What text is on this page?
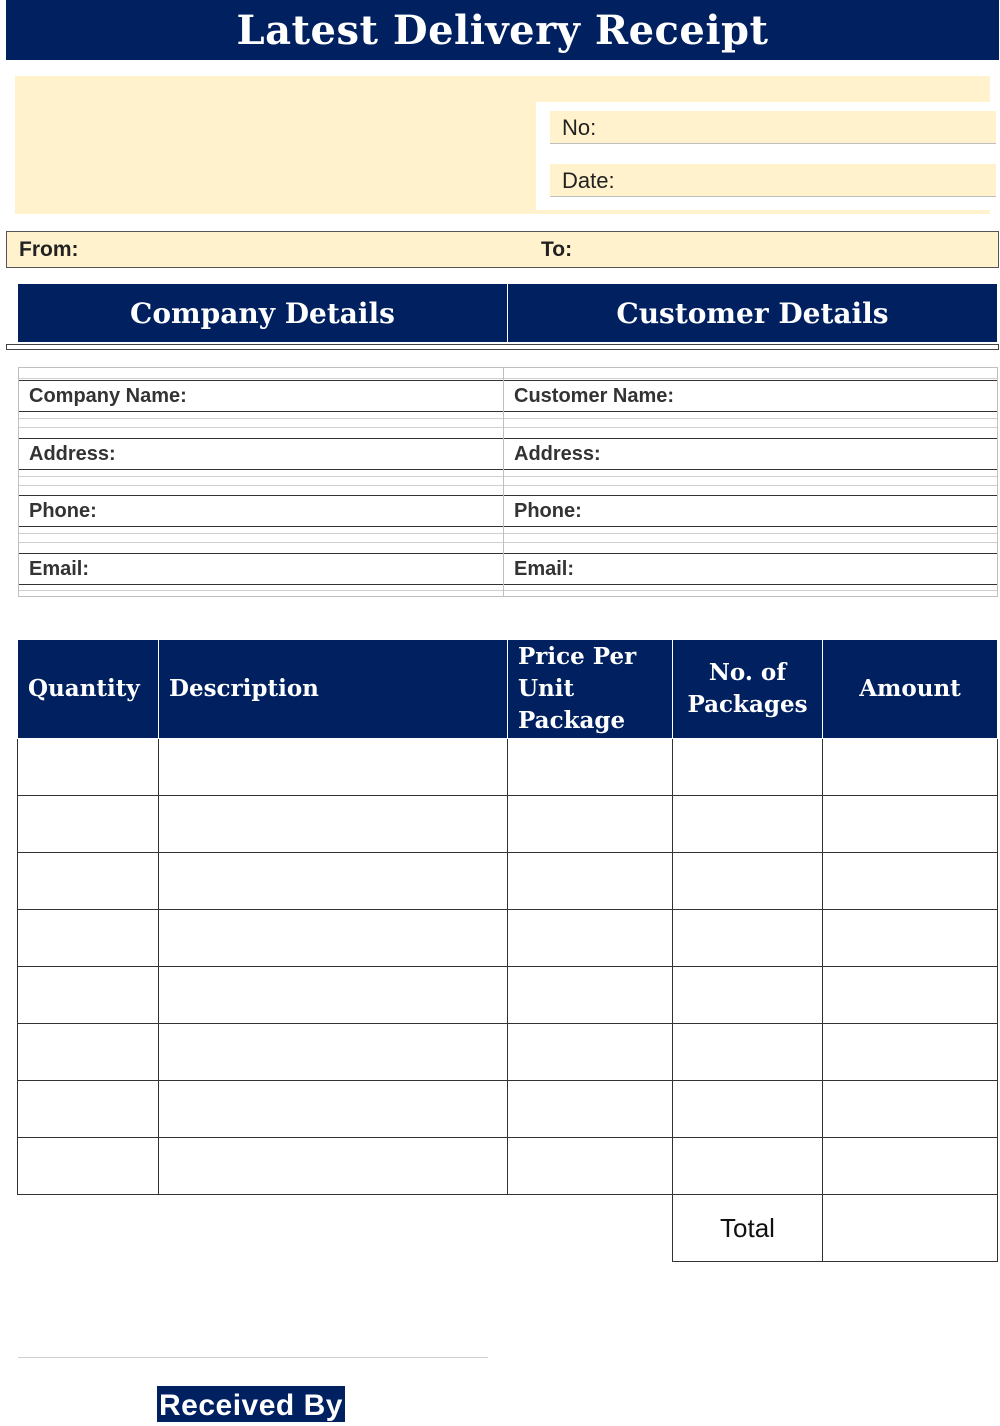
Latest Delivery Receipt
No:
Date:
From:	To:
Company Details	Customer Details
Company Name:	Customer Name:
Address:	Address:
Phone:	Phone:
Email:	Email:
Quantity	Description	Price Per Unit Package	No. of Packages	Amount

			Total	
Received By
